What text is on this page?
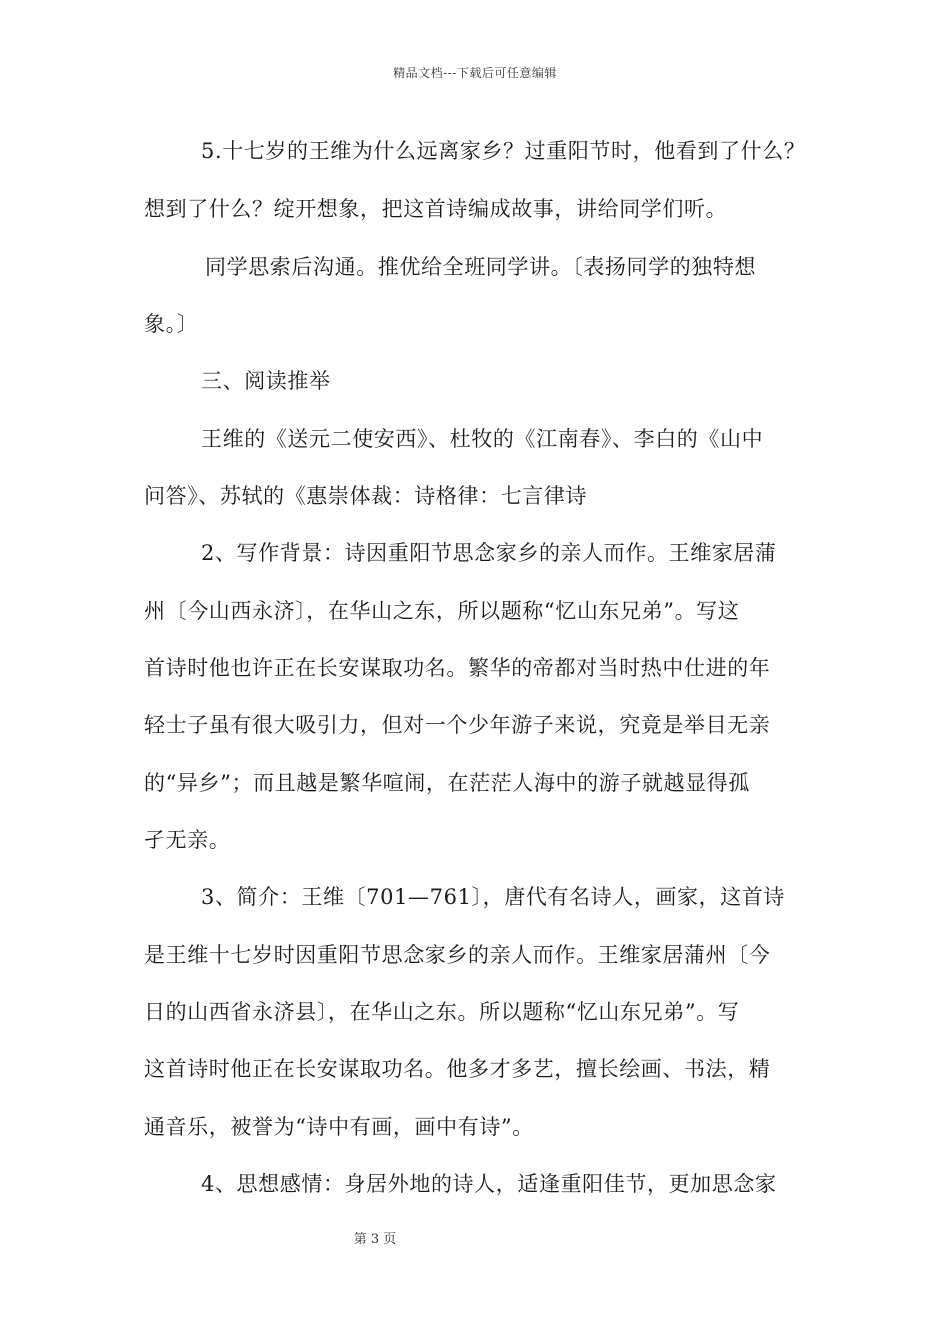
精品文档---下载后可任意编辑
5.十七岁的王维为什么远离家乡？过重阳节时，他看到了什么？
想到了什么？绽开想象，把这首诗编成故事，讲给同学们听。
同学思索后沟通。推优给全班同学讲。〔表扬同学的独特想
象。〕
三、阅读推举
王维的《送元二使安西》、杜牧的《江南春》、李白的《山中
问答》、苏轼的《惠崇体裁：诗格律：七言律诗
2、写作背景：诗因重阳节思念家乡的亲人而作。王维家居蒲
州〔今山西永济〕，在华山之东，所以题称“忆山东兄弟”。写这
首诗时他也许正在长安谋取功名。繁华的帝都对当时热中仕进的年
轻士子虽有很大吸引力，但对一个少年游子来说，究竟是举目无亲
的“异乡”；而且越是繁华喧闹，在茫茫人海中的游子就越显得孤
孑无亲。
3、简介：王维〔701—761〕，唐代有名诗人，画家，这首诗
是王维十七岁时因重阳节思念家乡的亲人而作。王维家居蒲州〔今
日的山西省永济县〕，在华山之东。所以题称“忆山东兄弟”。写
这首诗时他正在长安谋取功名。他多才多艺，擅长绘画、书法，精
通音乐，被誉为“诗中有画，画中有诗”。
4、思想感情：身居外地的诗人，适逢重阳佳节，更加思念家
第 3 页
